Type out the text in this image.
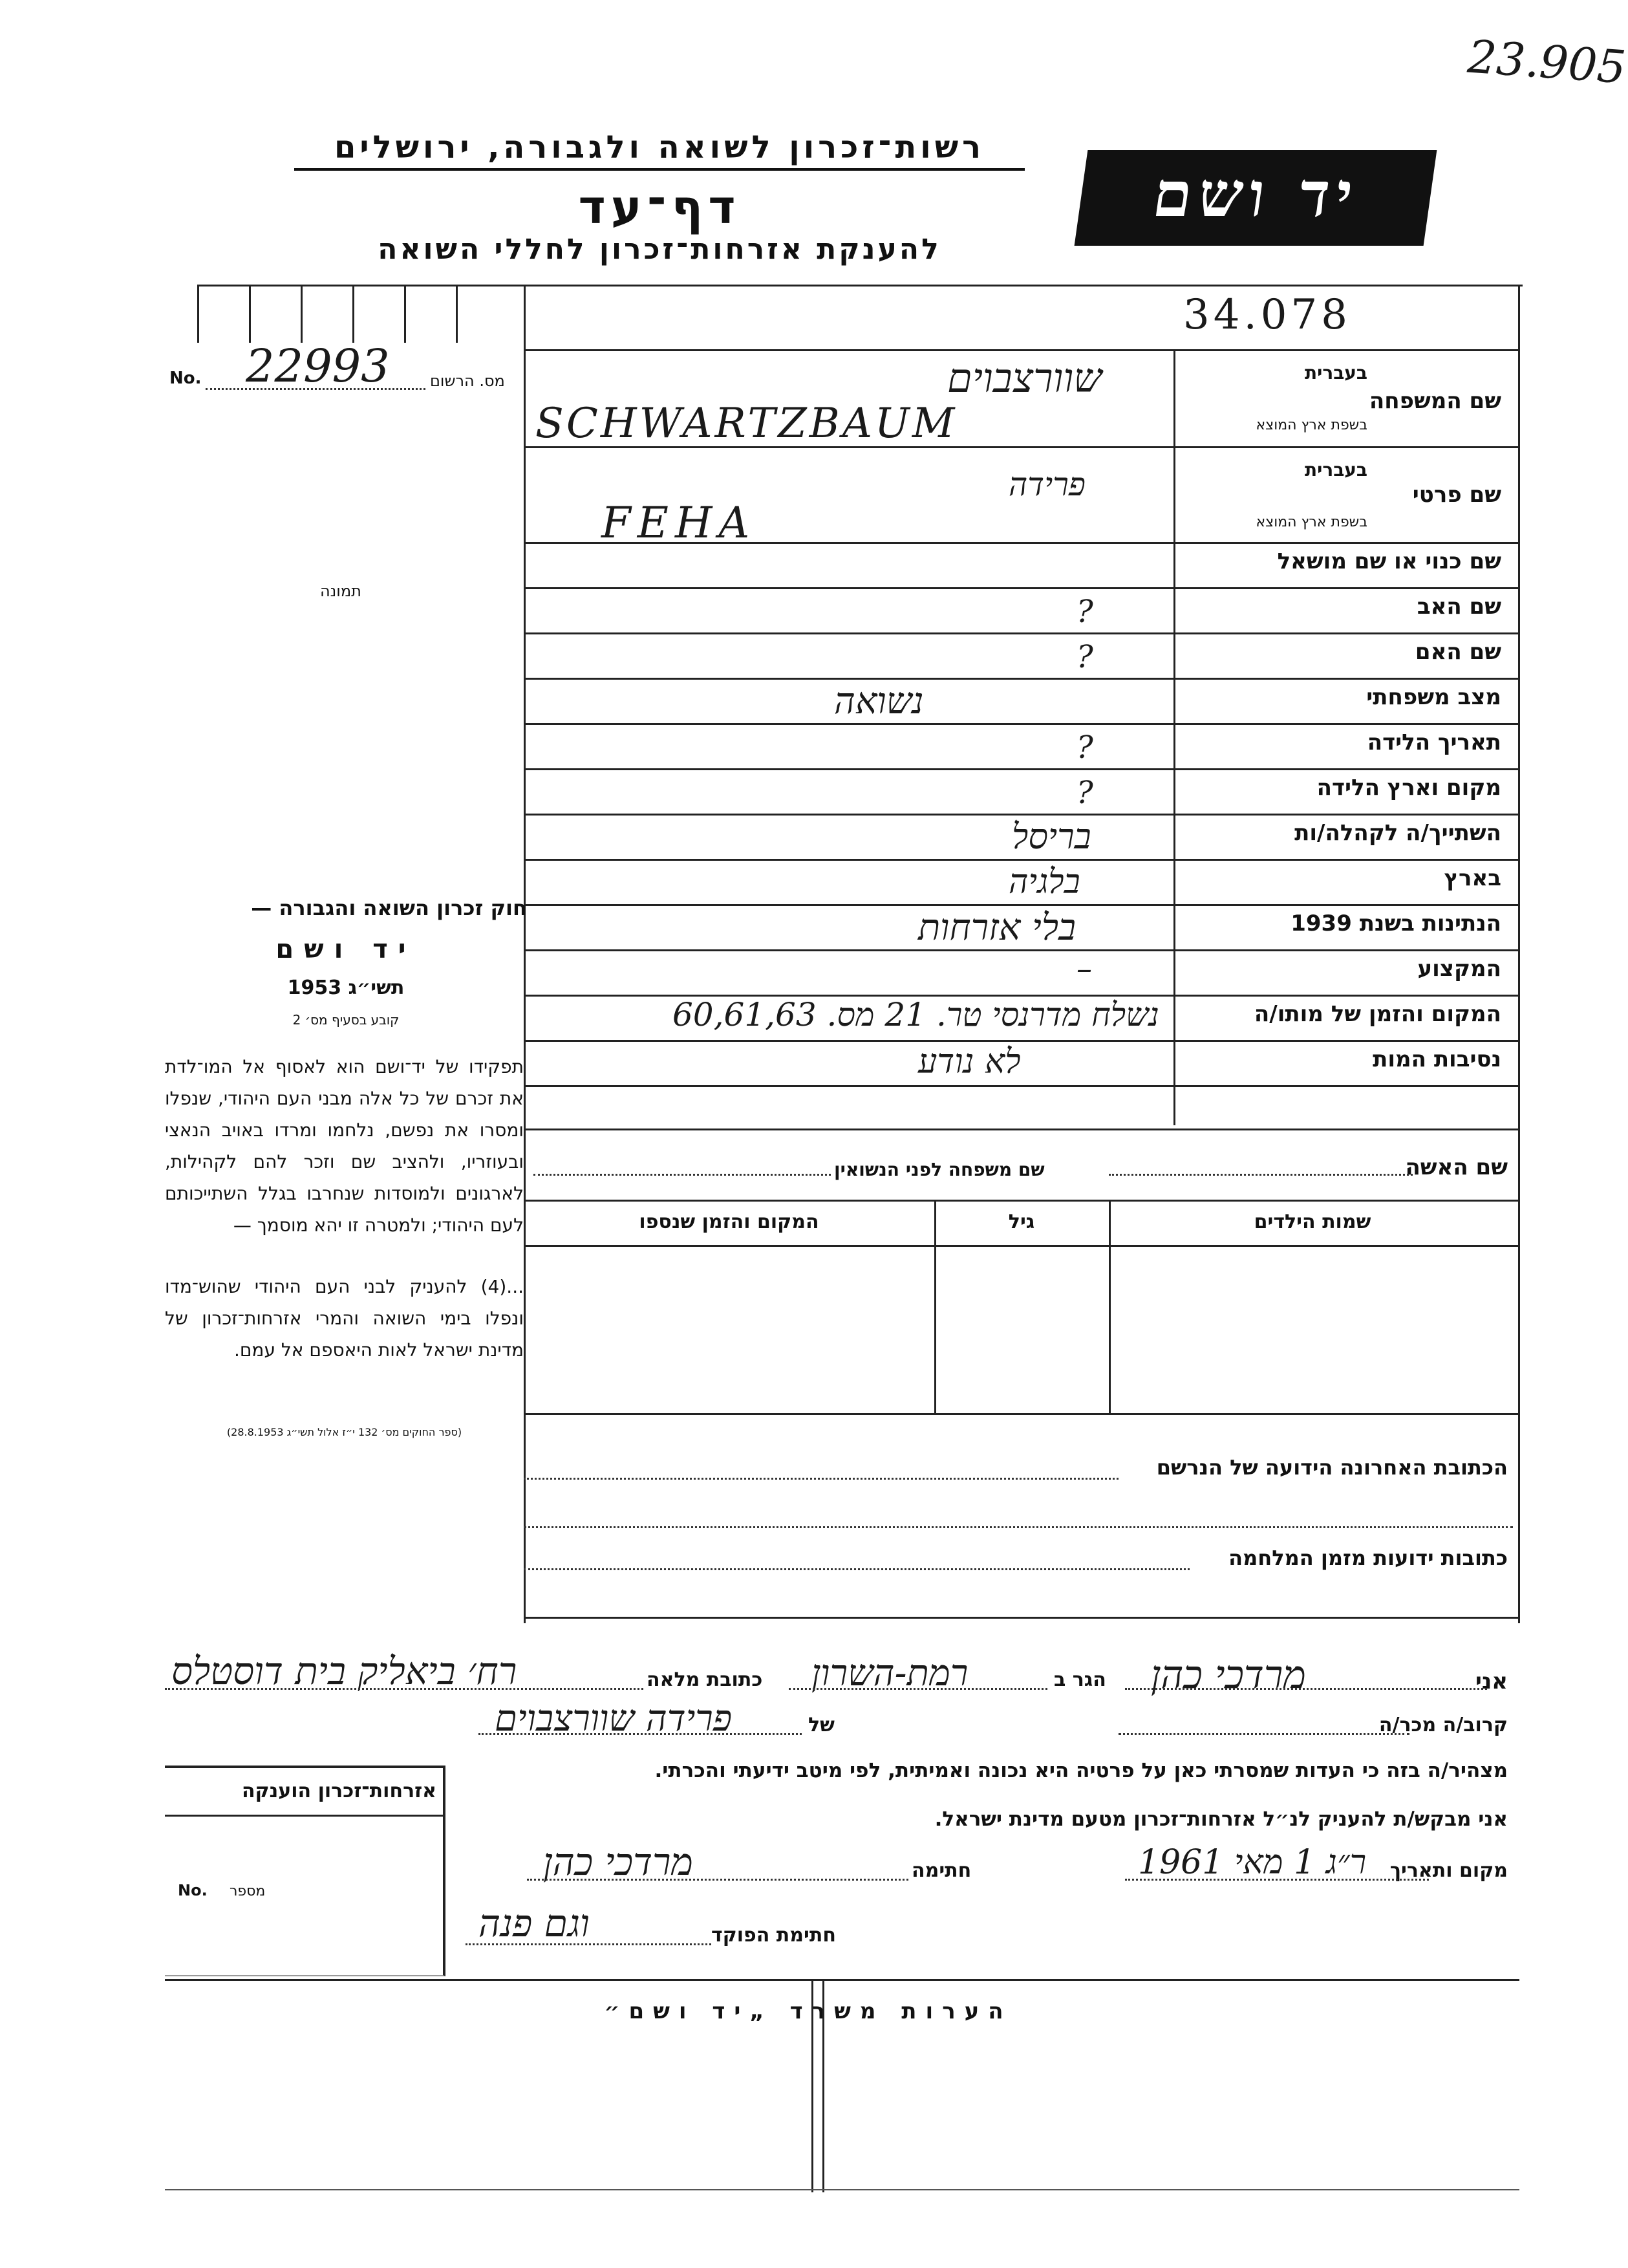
23.905
רשות־זכרון לשואה ולגבורה, ירושלים
דף־עד
להענקת אזרחות־זכרון לחללי השואה
יד ושם
34.078
No. 22993	מס. הרשום
תמונה
שם המשפחה
בעברית
בשפת ארץ המוצא
שוורצבוים
SCHWARTZBAUM
שם פרטי
בעברית
בשפת ארץ המוצא
פרידה
FEHA
שם כנוי או שם מושאל
שם האב
?
שם האם
?
מצב משפחתי
נשואה
תאריך הלידה
?
מקום וארץ הלידה
?
השתייך/ה לקהלה/ות
בריסל
בארץ
בלגיה
הנתינות בשנת 1939
בלי אזרחות
המקצוע
–
המקום והזמן של מותו/ה
נשלח מדרנסי טר. 21 מס. 60,61,63
נסיבות המות
לא נודע
שם האשה
שם משפחה לפני הנשואין
שמות הילדים
גיל
המקום והזמן שנספו
הכתובת האחרונה הידועה של הנרשם
כתובות ידועות מזמן המלחמה
חוק זכרון השואה והגבורה —
יד ושם
תשי״ג 1953
קובע בסעיף מס׳ 2
תפקידו של יד־ושם הוא לאסוף אל המו־לדת את זכרם של כל אלה מבני העם היהודי, שנפלו ומסרו את נפשם, נלחמו ומרדו באויב הנאצי ובעוזריו, ולהציב שם וזכר להם לקהילות, לארגונים ולמוסדות שנחרבו בגלל השתייכותם לעם היהודי; ולמטרה זו יהא מוסמך —
...(4) להעניק לבני העם היהודי שהוש־מדו ונפלו בימי השואה והמרי אזרחות־זכרון של מדינת ישראל לאות היאספם אל עמם.
(ספר החוקים מס׳ 132 י״ז אלול תשי״ג 28.8.1953)
אני
מרדכי כהן
הגר ב
רמת-השרון
כתובת מלאה
רח׳ ביאליק בית דוסטלס
קרוב/ה מכר/ה
של
פרידה שוורצבוים
מצהיר/ה בזה כי העדות שמסרתי כאן על פרטיה היא נכונה ואמיתית, לפי מיטב ידיעתי והכרתי.
אני מבקש/ת להעניק לנ״ל אזרחות־זכרון מטעם מדינת ישראל.
מקום ותאריך
ר״ג 1 מאי 1961
חתימה
מרדכי כהן
חתימת הפוקד
וגם פנה
אזרחות־זכרון הוענקה
No. מספר
הערות משרד „יד ושם״
